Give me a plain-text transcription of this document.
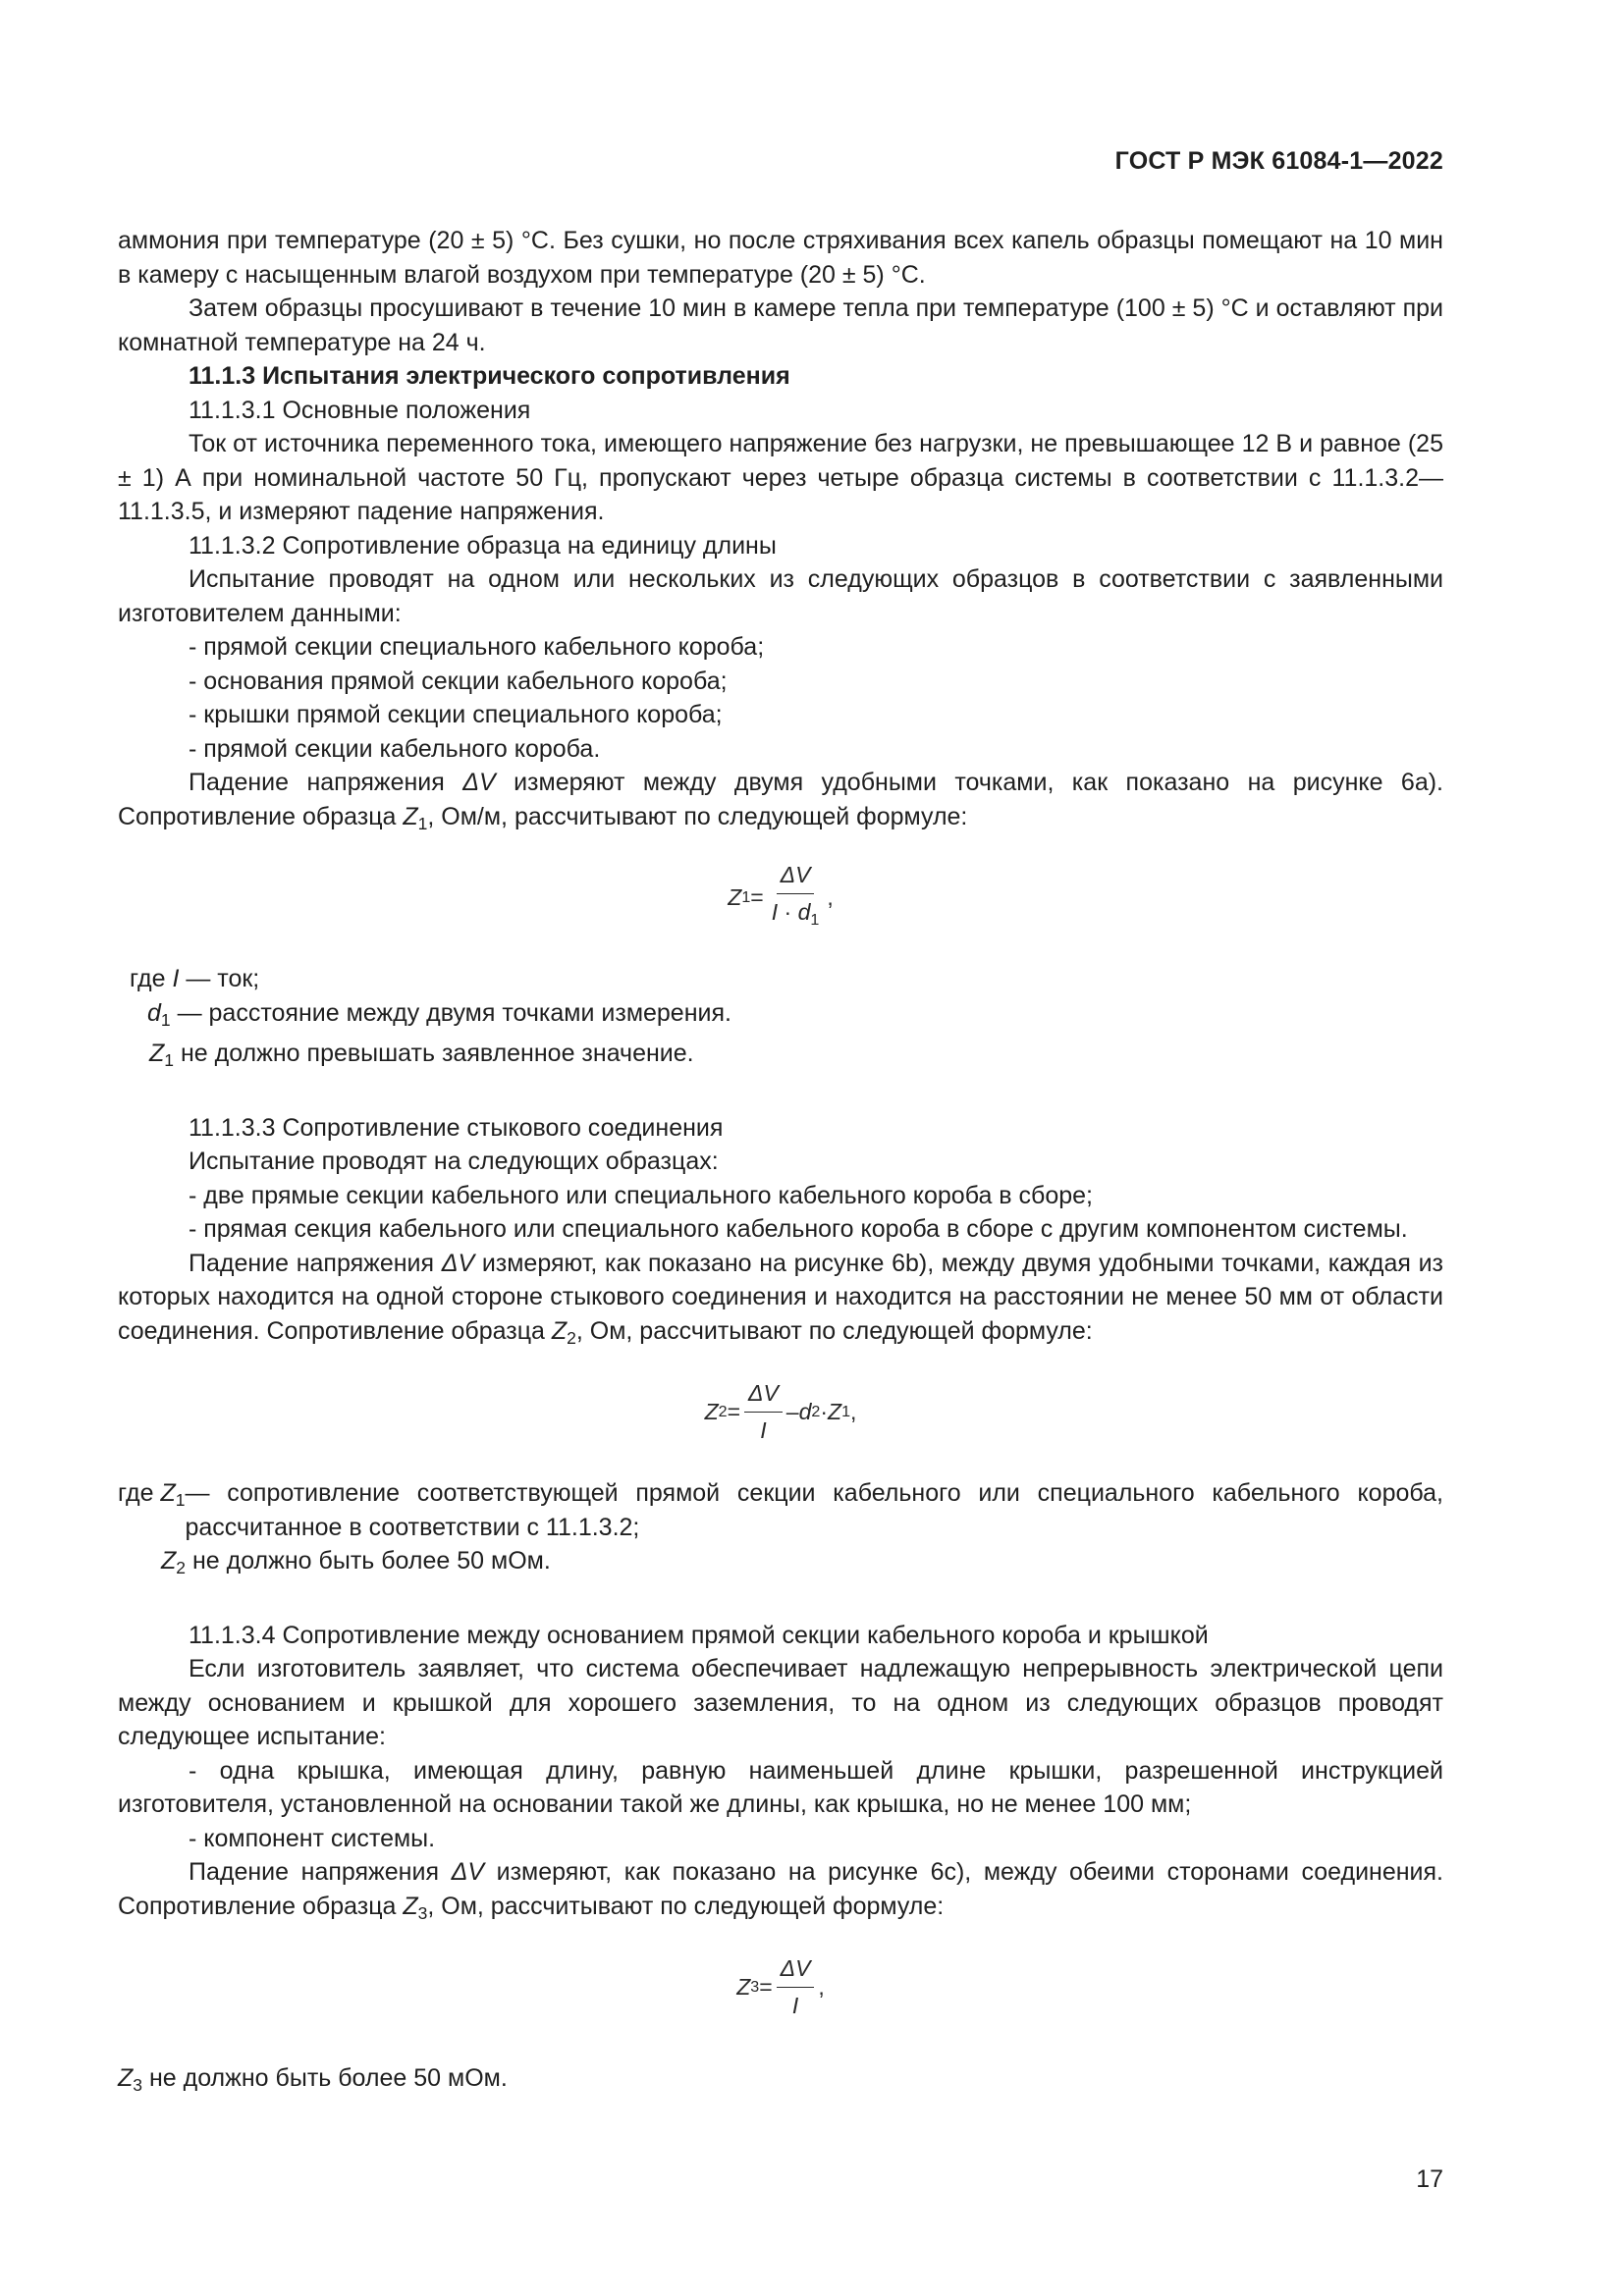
ГОСТ Р МЭК 61084-1—2022
аммония при температуре (20 ± 5) °С. Без сушки, но после стряхивания всех капель образцы помещают на 10 мин в камеру с насыщенным влагой воздухом при температуре (20 ± 5) °С.
Затем образцы просушивают в течение 10 мин в камере тепла при температуре (100 ± 5) °С и оставляют при комнатной температуре на 24 ч.
11.1.3 Испытания электрического сопротивления
11.1.3.1 Основные положения
Ток от источника переменного тока, имеющего напряжение без нагрузки, не превышающее 12 В и равное (25 ± 1) А при номинальной частоте 50 Гц, пропускают через четыре образца системы в соответствии с 11.1.3.2—11.1.3.5, и измеряют падение напряжения.
11.1.3.2 Сопротивление образца на единицу длины
Испытание проводят на одном или нескольких из следующих образцов в соответствии с заявленными изготовителем данными:
- прямой секции специального кабельного короба;
- основания прямой секции кабельного короба;
- крышки прямой секции специального короба;
- прямой секции кабельного короба.
Падение напряжения ΔV измеряют между двумя удобными точками, как показано на рисунке 6a). Сопротивление образца $Z_1$, Ом/м, рассчитывают по следующей формуле:
Z $1 = \frac{\Delta V}{I \cdot d_1}$ ,
где I — ток;
$d_1$ — расстояние между двумя точками измерения.
$Z_1$ не должно превышать заявленное значение.
11.1.3.3 Сопротивление стыкового соединения
Испытание проводят на следующих образцах:
- две прямые секции кабельного или специального кабельного короба в сборе;
- прямая секция кабельного или специального кабельного короба в сборе с другим компонентом системы.
Падение напряжения ΔV измеряют, как показано на рисунке 6b), между двумя удобными точками, каждая из которых находится на одной стороне стыкового соединения и находится на расстоянии не менее 50 мм от области соединения. Сопротивление образца $Z_2$, Ом, рассчитывают по следующей формуле:
Z $2 = \frac{\Delta V}{I} - d$ 2 · Z 1 ,
где $Z_1$ — сопротивление соответствующей прямой секции кабельного или специального кабельного короба, рассчитанное в соответствии с 11.1.3.2;
$Z_2$ не должно быть более 50 мОм.
11.1.3.4 Сопротивление между основанием прямой секции кабельного короба и крышкой
Если изготовитель заявляет, что система обеспечивает надлежащую непрерывность электрической цепи между основанием и крышкой для хорошего заземления, то на одном из следующих образцов проводят следующее испытание:
- одна крышка, имеющая длину, равную наименьшей длине крышки, разрешенной инструкцией изготовителя, установленной на основании такой же длины, как крышка, но не менее 100 мм;
- компонент системы.
Падение напряжения ΔV измеряют, как показано на рисунке 6c), между обеими сторонами соединения. Сопротивление образца $Z_3$, Ом, рассчитывают по следующей формуле:
Z $3 = \frac{\Delta V}{I}$ ,
$Z_3$ не должно быть более 50 мОм.
17
